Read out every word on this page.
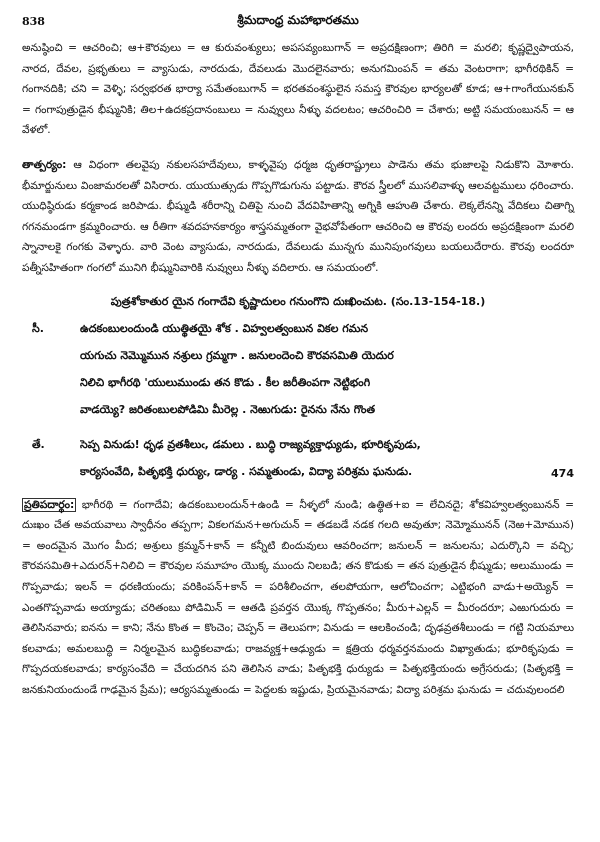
838	శ్రీమదాంధ్ర మహాభారతము

అనుష్ఠించి = ఆచరించి; ఆ+కౌరవులు = ఆ కురువంశ్యులు; అపసవ్యంబుగాన్ = అప్రదక్షిణంగా; తిరిగి = మరలి; కృష్ణద్వైపాయన, నారద, దేవల, ప్రభృతులు = వ్యాసుడు, నారదుడు, దేవలుడు మొదలైనవారు; అనుగమింపన్ = తమ వెంటరాగా; భాగీరథికిన్ = గంగానదికి; చని = వెళ్ళి; సర్వభరత భార్యా సమేతంబుగాన్ = భరతవంశస్థులైన సమస్త కౌరవుల భార్యలతో కూడ; ఆ+గాంగేయునకున్ = గంగాపుత్రుడైన భీష్మునికి; తిల+ఉదకప్రదానంబులు = నువ్వులు నీళ్ళు వదలటం; ఆచరించిరి = చేశారు; అట్టి సమయంబునన్ = ఆ వేళలో.

తాత్పర్యం: ఆ విధంగా తలవైపు నకులసహదేవులు, కాళ్ళవైపు ధర్మజ ధృతరాష్ట్రులు పాడెను తమ భుజాలపై నిడుకొని మోశారు. భీమార్జునులు వింజామరలతో విసిరారు. యుయుత్సుడు గొప్పగొడుగును పట్టాడు. కౌరవ స్త్రీలలో ముసలివాళ్ళు ఆలవట్టములు ధరించారు. యుధిష్ఠిరుడు కర్మకాండ జరిపాడు. భీష్ముడి శరీరాన్ని చితిపై నుంచి వేదవిహితాన్ని అగ్నికి ఆహుతి చేశారు. లెక్కలేనన్ని వేదికలు చితాగ్ని గగనమండగా క్రమ్మరించారు. ఆ రీతిగా శవదహనకార్యం శాస్త్రసమ్మతంగా వైభవోపేతంగా ఆచరించి ఆ కౌరవు లందరు అప్రదక్షిణంగా మరలి స్నానాలకై గంగకు వెళ్ళారు. వారి వెంట వ్యాసుడు, నారదుడు, దేవలుడు మున్నగు మునిపుంగవులు బయలుదేరారు. కౌరవు లందరూ పత్నీసహితంగా గంగలో మునిగి భీష్మునివారికి నువ్వులు నీళ్ళు వదిలారు. ఆ సమయంలో.

పుత్రశోకాతుర యైన గంగాదేవి కృష్ణాదులం గనుంగొని దుఃఖించుట. (సం.13-154-18.)
సీ.	ఉదకంబులందుండి యుత్థితయై శోక . విహ్వలత్వంబున వికల గమన
యగుచు నెమ్మొమున నశ్రులు గ్రమ్మగా . జనులందెంచి కౌరవసమితి యెదుర
నిలిచి భాగీరథి 'యులుముండు తన కొడు . కీల జరీతింపగా నెట్టిభంగి
వాడయ్యె? జరితంబులపోడిమి మీరెల్ల . నెఱుగుడు: రైనను నేను గొంత
తే.	సెప్ప వినుడు! ధృఢ వ్రతశీలుఁ, డమలు . బుద్ధి రాజ్యవ్యక్తాధ్యుడు, భూరికృపుడు,
కార్యసంవేది, పితృభక్తి ధుర్యుఁ, డార్య . సమ్మతుండు, విద్యా పరిశ్రమ ఘనుడు.	474

ప్రతిపదార్థం: భాగీరథి = గంగాదేవి; ఉదకంబులందున్+ఉండి = నీళ్ళలో నుండి; ఉత్థిత+ఐ = లేచినదై; శోకవిహ్వలత్వంబునన్ = దుఃఖం చేత అవయవాలు స్వాధీనం తప్పగా; వికలగమన+అగుచున్ = తడబడే నడక గలది అవుతూ; నెమ్మోమునన్ (నెఱ+మోమున) = అందమైన మొగం మీద; అశ్రులు క్రమ్మన్+కాన్ = కన్నీటి బిందువులు ఆవరించగా; జనులన్ = జనులను; ఎదుర్కొని = వచ్చి; కౌరవసమితి+ఎదురన్+నిలిచి = కౌరవుల సమూహం యొక్క ముందు నిలబడి; తన కొడుకు = తన పుత్రుడైన భీష్ముడు; అలుముండు = గొప్పవాడు; ఇలన్ = ధరణియందు; వరికింపన్+కాన్ = పరిశీలించగా, తలపోయగా, ఆలోచించగా; ఎట్టిభంగి వాడు+అయ్యెన్ = ఎంతగొప్పవాడు అయ్యాడు; చరితంబు పోడిమిన్ = ఆతడి ప్రవర్తన యొక్క గొప్పతనం; మీరు+ఎల్లన్ = మీరందరూ; ఎఱుగుదురు = తెలిసినవారు; ఐనను = కాని; నేను కొంత = కొంచెం; చెప్పన్ = తెలుపగా; వినుడు = ఆలకించండి; దృఢవ్రతశీలుండు = గట్టి నియమాలు కలవాడు; అమలబుద్ధి = నిర్మలమైన బుద్ధికలవాడు; రాజవ్యక్త+ఆఢ్యుడు = క్షత్రియ ధర్మవర్తనమందు విఖ్యాతుడు; భూరికృపుడు = గొప్పదయకలవాడు; కార్యసంవేది = చేయదగిన పని తెలిసిన వాడు; పితృభక్తి ధుర్యుడు = పితృభక్తియందు అగ్రేసరుడు; (పితృభక్తి = జనకునియందుండే గాఢమైన ప్రేమ); ఆర్యసమ్మతుండు = పెద్దలకు ఇష్టుడు, ప్రియమైనవాడు; విద్యా పరిశ్రమ ఘనుడు = చదువులందలి
